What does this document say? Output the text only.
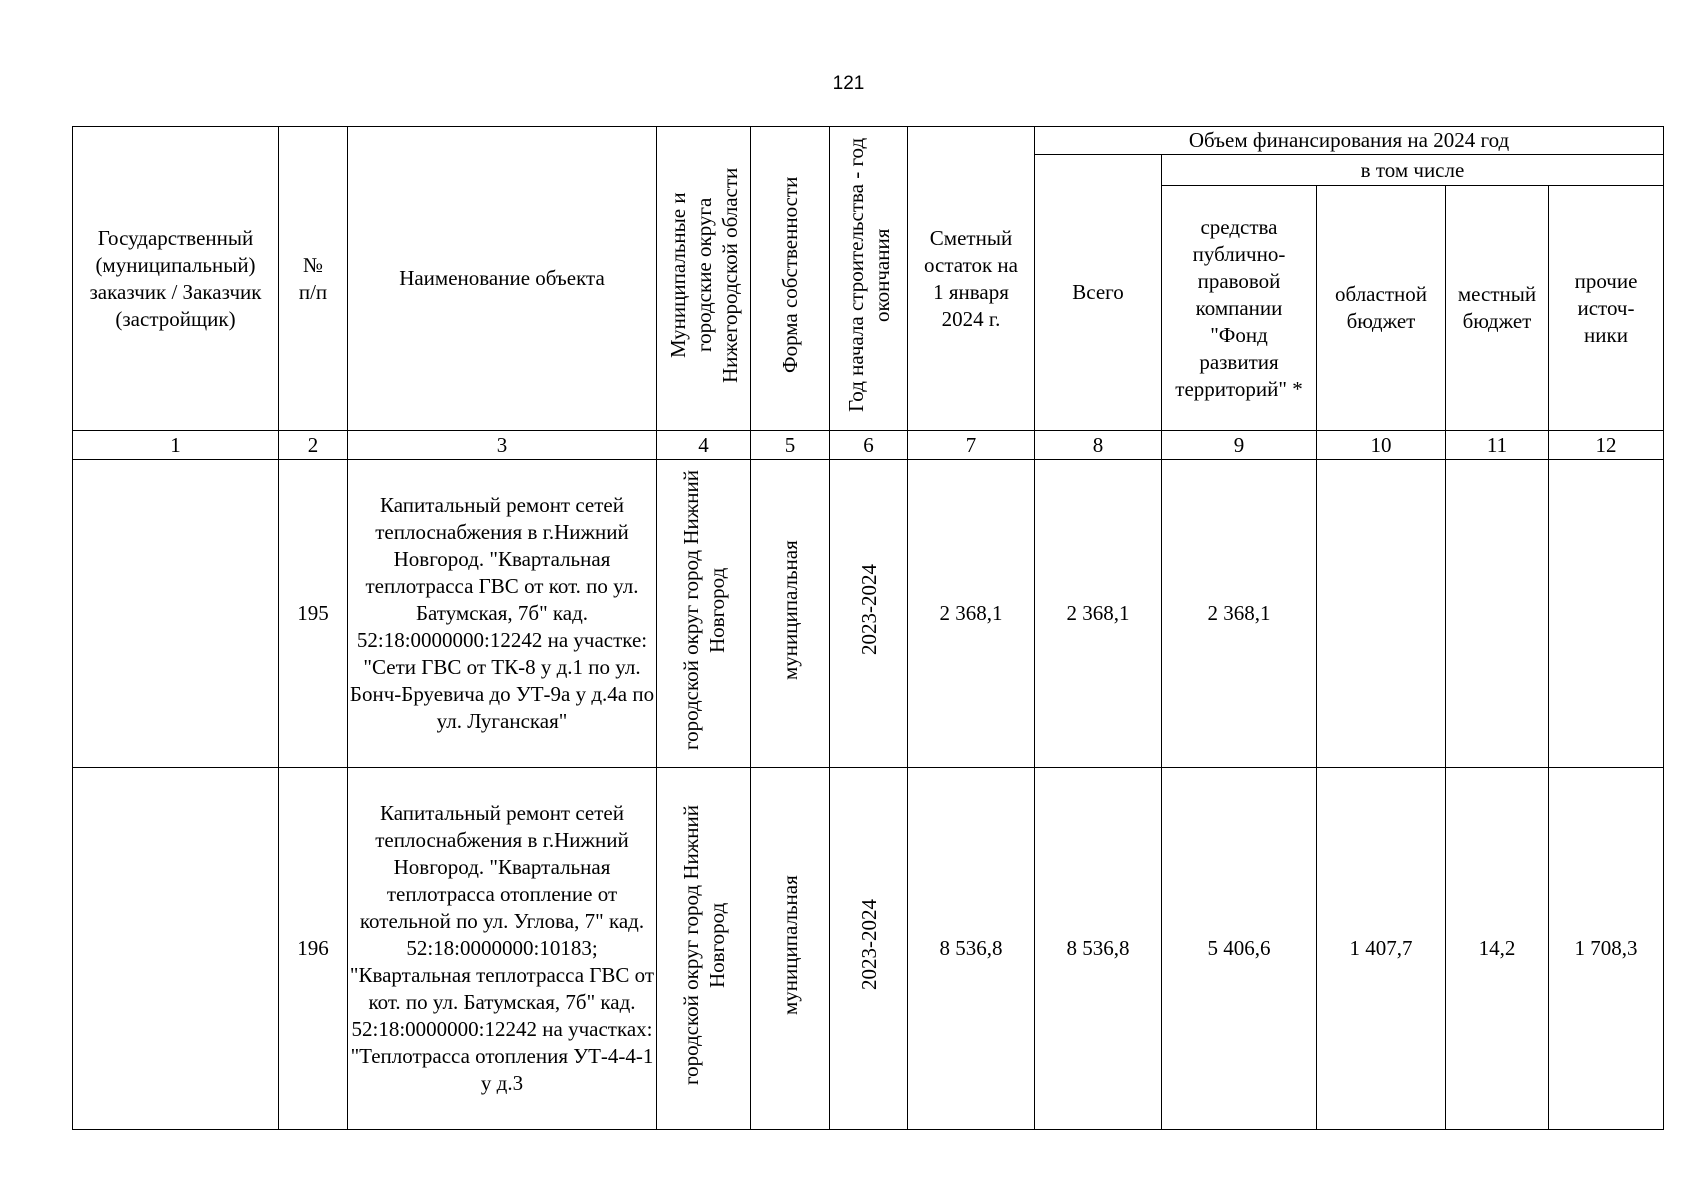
121
Государственный (муниципальный) заказчик / Заказчик (застройщик)	№ п/п	Наименование объекта	Муниципальные и городские округа Нижегородской области	Форма собственности	Год начала строительства - год окончания	Сметный остаток на 1 января 2024 г.	Объем финансирования на 2024 год				
							Всего	в том числе			
								средства публично-правовой компании "Фонд развития территорий" *	областной бюджет	местный бюджет	прочие источ-ники
1	2	3	4	5	6	7	8	9	10	11	12
	195	Капитальный ремонт сетей теплоснабжения в г.Нижний Новгород. "Квартальная теплотрасса ГВС от кот. по ул. Батумская, 7б" кад. 52:18:0000000:12242 на участке: "Сети ГВС от ТК-8 у д.1 по ул. Бонч-Бруевича до УТ-9а у д.4а по ул. Луганская"	городской округ город Нижний Новгород	муниципальная	2023-2024	2 368,1	2 368,1	2 368,1			
	196	Капитальный ремонт сетей теплоснабжения в г.Нижний Новгород. "Квартальная теплотрасса отопление от котельной по ул. Углова, 7" кад. 52:18:0000000:10183; "Квартальная теплотрасса ГВС от кот. по ул. Батумская, 7б" кад. 52:18:0000000:12242 на участках: "Теплотрасса отопления УТ-4-4-1 у д.3	городской округ город Нижний Новгород	муниципальная	2023-2024	8 536,8	8 536,8	5 406,6	1 407,7	14,2	1 708,3
